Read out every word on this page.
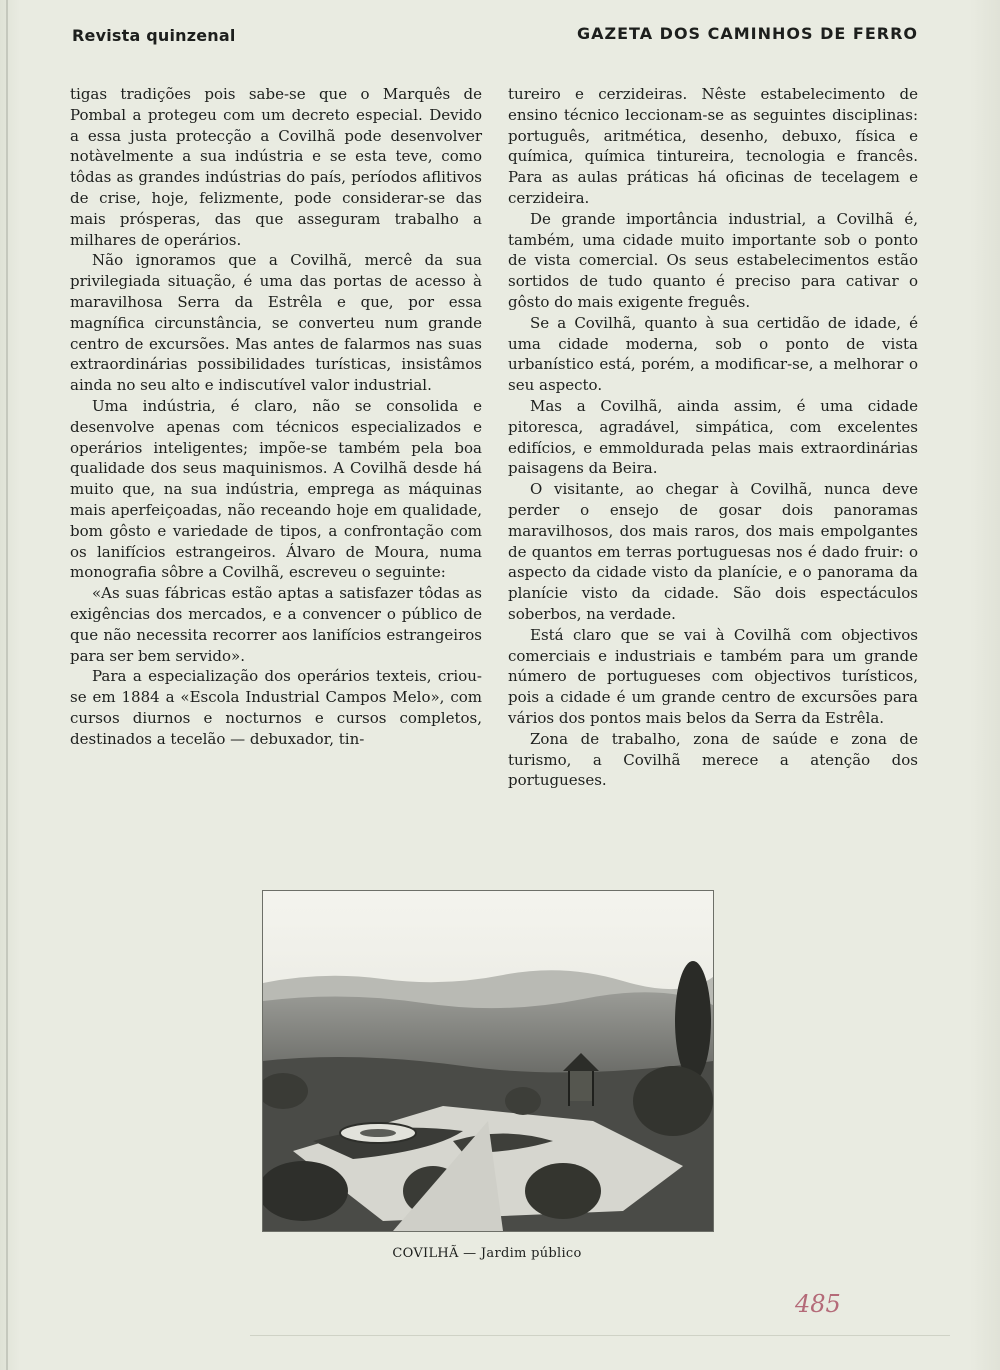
Revista quinzenal	GAZETA DOS CAMINHOS DE FERRO

tigas tradições pois sabe-se que o Marquês de Pombal a protegeu com um decreto especial. Devido a essa justa protecção a Covilhã pode desenvolver notàvelmente a sua indústria e se esta teve, como tôdas as grandes indústrias do país, períodos aflitivos de crise, hoje, felizmente, pode considerar-se das mais prósperas, das que asseguram trabalho a milhares de operários.

Não ignoramos que a Covilhã, mercê da sua privilegiada situação, é uma das portas de acesso à maravilhosa Serra da Estrêla e que, por essa magnífica circunstância, se converteu num grande centro de excursões. Mas antes de falarmos nas suas extraordinárias possibilidades turísticas, insistâmos ainda no seu alto e indiscutível valor industrial.

Uma indústria, é claro, não se consolida e desenvolve apenas com técnicos especializados e operários inteligentes; impõe-se também pela boa qualidade dos seus maquinismos. A Covilhã desde há muito que, na sua indústria, emprega as máquinas mais aperfeiçoadas, não receando hoje em qualidade, bom gôsto e variedade de tipos, a confrontação com os lanifícios estrangeiros. Álvaro de Moura, numa monografia sôbre a Covilhã, escreveu o seguinte:

«As suas fábricas estão aptas a satisfazer tôdas as exigências dos mercados, e a convencer o público de que não necessita recorrer aos lanifícios estrangeiros para ser bem servido».

Para a especialização dos operários texteis, criou-se em 1884 a «Escola Industrial Campos Melo», com cursos diurnos e nocturnos e cursos completos, destinados a tecelão — debuxador, tin-

tureiro e cerzideiras. Nêste estabelecimento de ensino técnico leccionam-se as seguintes disciplinas: português, aritmética, desenho, debuxo, física e química, química tintureira, tecnologia e francês. Para as aulas práticas há oficinas de tecelagem e cerzideira.

De grande importância industrial, a Covilhã é, também, uma cidade muito importante sob o ponto de vista comercial. Os seus estabelecimentos estão sortidos de tudo quanto é preciso para cativar o gôsto do mais exigente freguês.

Se a Covilhã, quanto à sua certidão de idade, é uma cidade moderna, sob o ponto de vista urbanístico está, porém, a modificar-se, a melhorar o seu aspecto.

Mas a Covilhã, ainda assim, é uma cidade pitoresca, agradável, simpática, com excelentes edifícios, e emmoldurada pelas mais extraordinárias paisagens da Beira.

O visitante, ao chegar à Covilhã, nunca deve perder o ensejo de gosar dois panoramas maravilhosos, dos mais raros, dos mais empolgantes de quantos em terras portuguesas nos é dado fruir: o aspecto da cidade visto da planície, e o panorama da planície visto da cidade. São dois espectáculos soberbos, na verdade.

Está claro que se vai à Covilhã com objectivos comerciais e industriais e também para um grande número de portugueses com objectivos turísticos, pois a cidade é um grande centro de excursões para vários dos pontos mais belos da Serra da Estrêla.

Zona de trabalho, zona de saúde e zona de turismo, a Covilhã merece a atenção dos portugueses.

COVILHÃ — Jardim público
485
